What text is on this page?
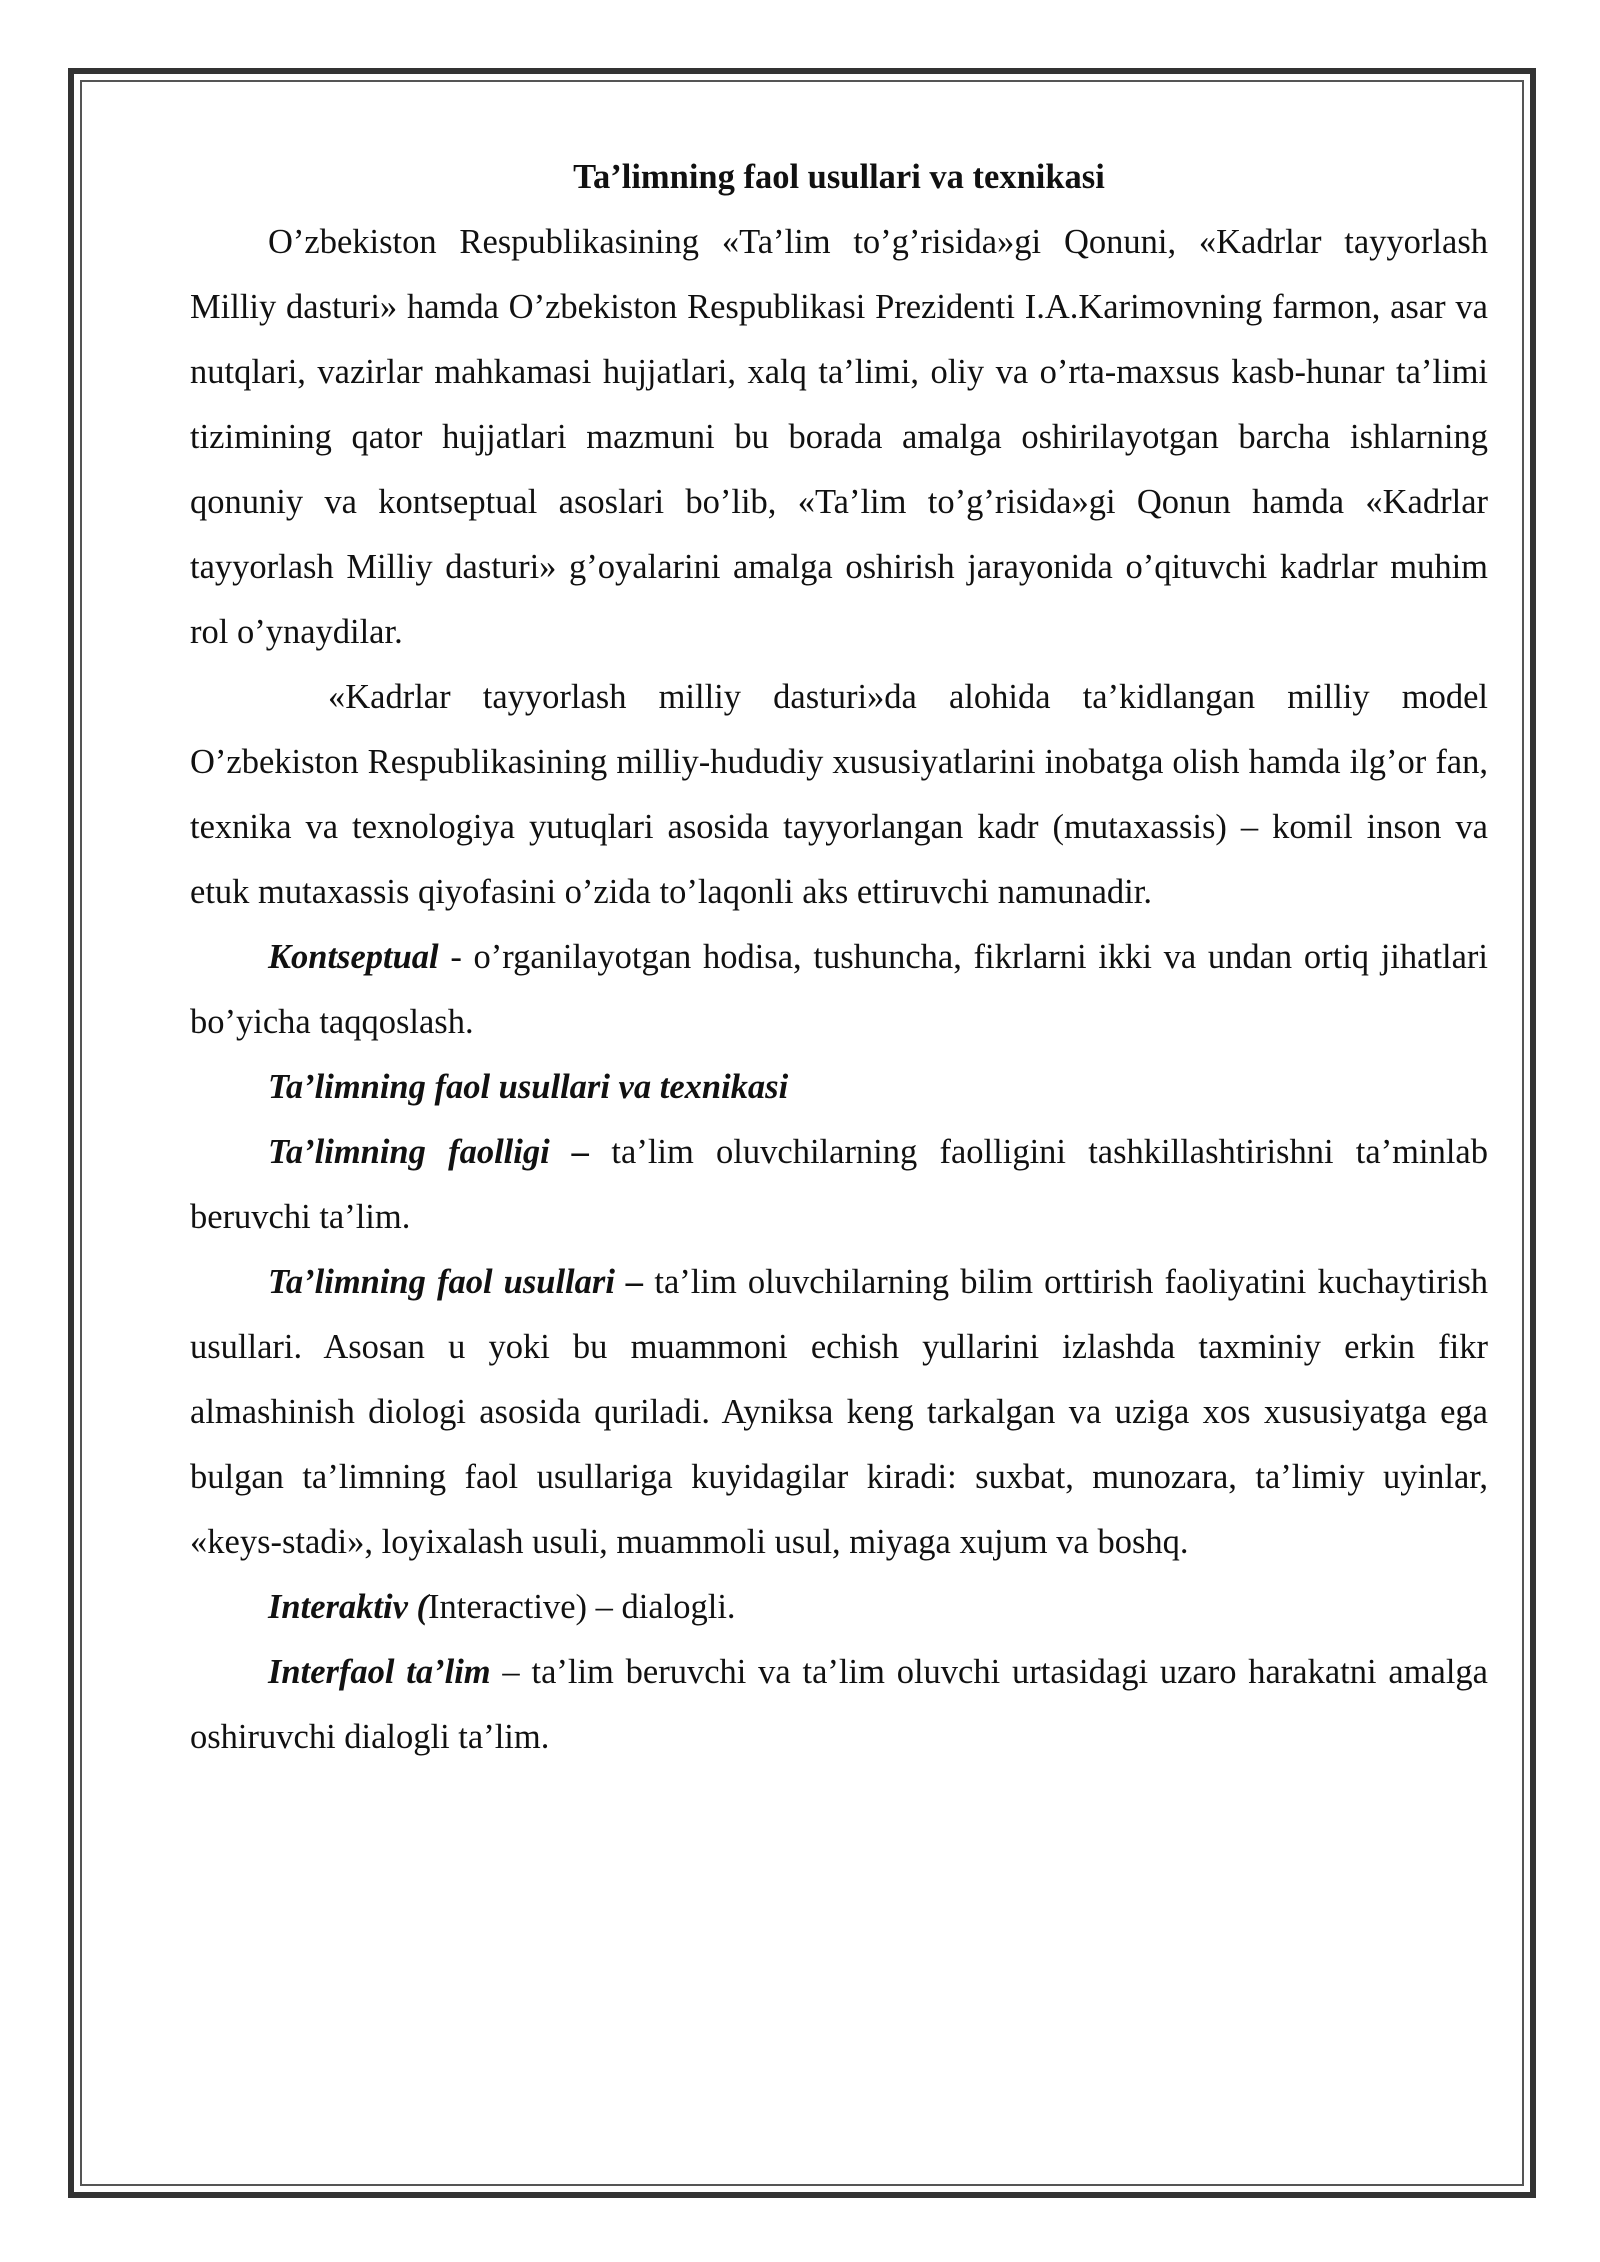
Ta’limning faol usullari va texnikasi

O’zbekiston Respublikasining «Ta’lim to’g’risida»gi Qonuni, «Kadrlar tayyorlash Milliy dasturi» hamda O’zbekiston Respublikasi Prezidenti I.A.Karimovning farmon, asar va nutqlari, vazirlar mahkamasi hujjatlari, xalq ta’limi, oliy va o’rta-maxsus kasb-hunar ta’limi tizimining qator hujjatlari mazmuni bu borada amalga oshirilayotgan barcha ishlarning qonuniy va kontseptual asoslari bo’lib, «Ta’lim to’g’risida»gi Qonun hamda «Kadrlar tayyorlash Milliy dasturi» g’oyalarini amalga oshirish jarayonida o’qituvchi kadrlar muhim rol o’ynaydilar.

«Kadrlar tayyorlash milliy dasturi»da alohida ta’kidlangan milliy model O’zbekiston Respublikasining milliy-hududiy xususiyatlarini inobatga olish hamda ilg’or fan, texnika va texnologiya yutuqlari asosida tayyorlangan kadr (mutaxassis) – komil inson va etuk mutaxassis qiyofasini o’zida to’laqonli aks ettiruvchi namunadir.

Kontseptual - o’rganilayotgan hodisa, tushuncha, fikrlarni ikki va undan ortiq jihatlari bo’yicha taqqoslash.

Ta’limning faol usullari va texnikasi

Ta’limning faolligi – ta’lim oluvchilarning faolligini tashkillashtirishni ta’minlab beruvchi ta’lim.

Ta’limning faol usullari – ta’lim oluvchilarning bilim orttirish faoliyatini kuchaytirish usullari. Asosan u yoki bu muammoni echish yullarini izlashda taxminiy erkin fikr almashinish diologi asosida quriladi. Ayniksa keng tarkalgan va uziga xos xususiyatga ega bulgan ta’limning faol usullariga kuyidagilar kiradi: suxbat, munozara, ta’limiy uyinlar, «keys-stadi», loyixalash usuli, muammoli usul, miyaga xujum va boshq.

Interaktiv (Interactive) – dialogli.

Interfaol ta’lim – ta’lim beruvchi va ta’lim oluvchi urtasidagi uzaro harakatni amalga oshiruvchi dialogli ta’lim.
